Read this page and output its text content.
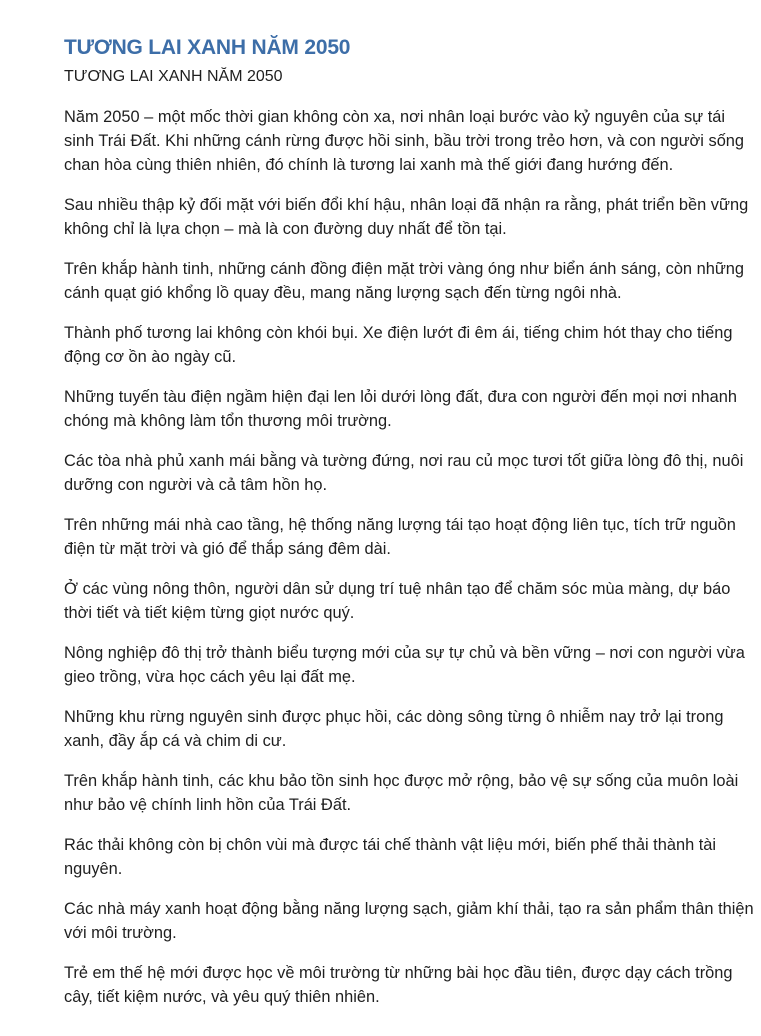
TƯƠNG LAI XANH NĂM 2050

TƯƠNG LAI XANH NĂM 2050

Năm 2050 – một mốc thời gian không còn xa, nơi nhân loại bước vào kỷ nguyên của sự tái sinh Trái Đất. Khi những cánh rừng được hồi sinh, bầu trời trong trẻo hơn, và con người sống chan hòa cùng thiên nhiên, đó chính là tương lai xanh mà thế giới đang hướng đến.

Sau nhiều thập kỷ đối mặt với biến đổi khí hậu, nhân loại đã nhận ra rằng, phát triển bền vững không chỉ là lựa chọn – mà là con đường duy nhất để tồn tại.

Trên khắp hành tinh, những cánh đồng điện mặt trời vàng óng như biển ánh sáng, còn những cánh quạt gió khổng lồ quay đều, mang năng lượng sạch đến từng ngôi nhà.

Thành phố tương lai không còn khói bụi. Xe điện lướt đi êm ái, tiếng chim hót thay cho tiếng động cơ ồn ào ngày cũ.

Những tuyến tàu điện ngầm hiện đại len lỏi dưới lòng đất, đưa con người đến mọi nơi nhanh chóng mà không làm tổn thương môi trường.

Các tòa nhà phủ xanh mái bằng và tường đứng, nơi rau củ mọc tươi tốt giữa lòng đô thị, nuôi dưỡng con người và cả tâm hồn họ.

Trên những mái nhà cao tầng, hệ thống năng lượng tái tạo hoạt động liên tục, tích trữ nguồn điện từ mặt trời và gió để thắp sáng đêm dài.

Ở các vùng nông thôn, người dân sử dụng trí tuệ nhân tạo để chăm sóc mùa màng, dự báo thời tiết và tiết kiệm từng giọt nước quý.

Nông nghiệp đô thị trở thành biểu tượng mới của sự tự chủ và bền vững – nơi con người vừa gieo trồng, vừa học cách yêu lại đất mẹ.

Những khu rừng nguyên sinh được phục hồi, các dòng sông từng ô nhiễm nay trở lại trong xanh, đầy ắp cá và chim di cư.

Trên khắp hành tinh, các khu bảo tồn sinh học được mở rộng, bảo vệ sự sống của muôn loài như bảo vệ chính linh hồn của Trái Đất.

Rác thải không còn bị chôn vùi mà được tái chế thành vật liệu mới, biến phế thải thành tài nguyên.

Các nhà máy xanh hoạt động bằng năng lượng sạch, giảm khí thải, tạo ra sản phẩm thân thiện với môi trường.

Trẻ em thế hệ mới được học về môi trường từ những bài học đầu tiên, được dạy cách trồng cây, tiết kiệm nước, và yêu quý thiên nhiên.
